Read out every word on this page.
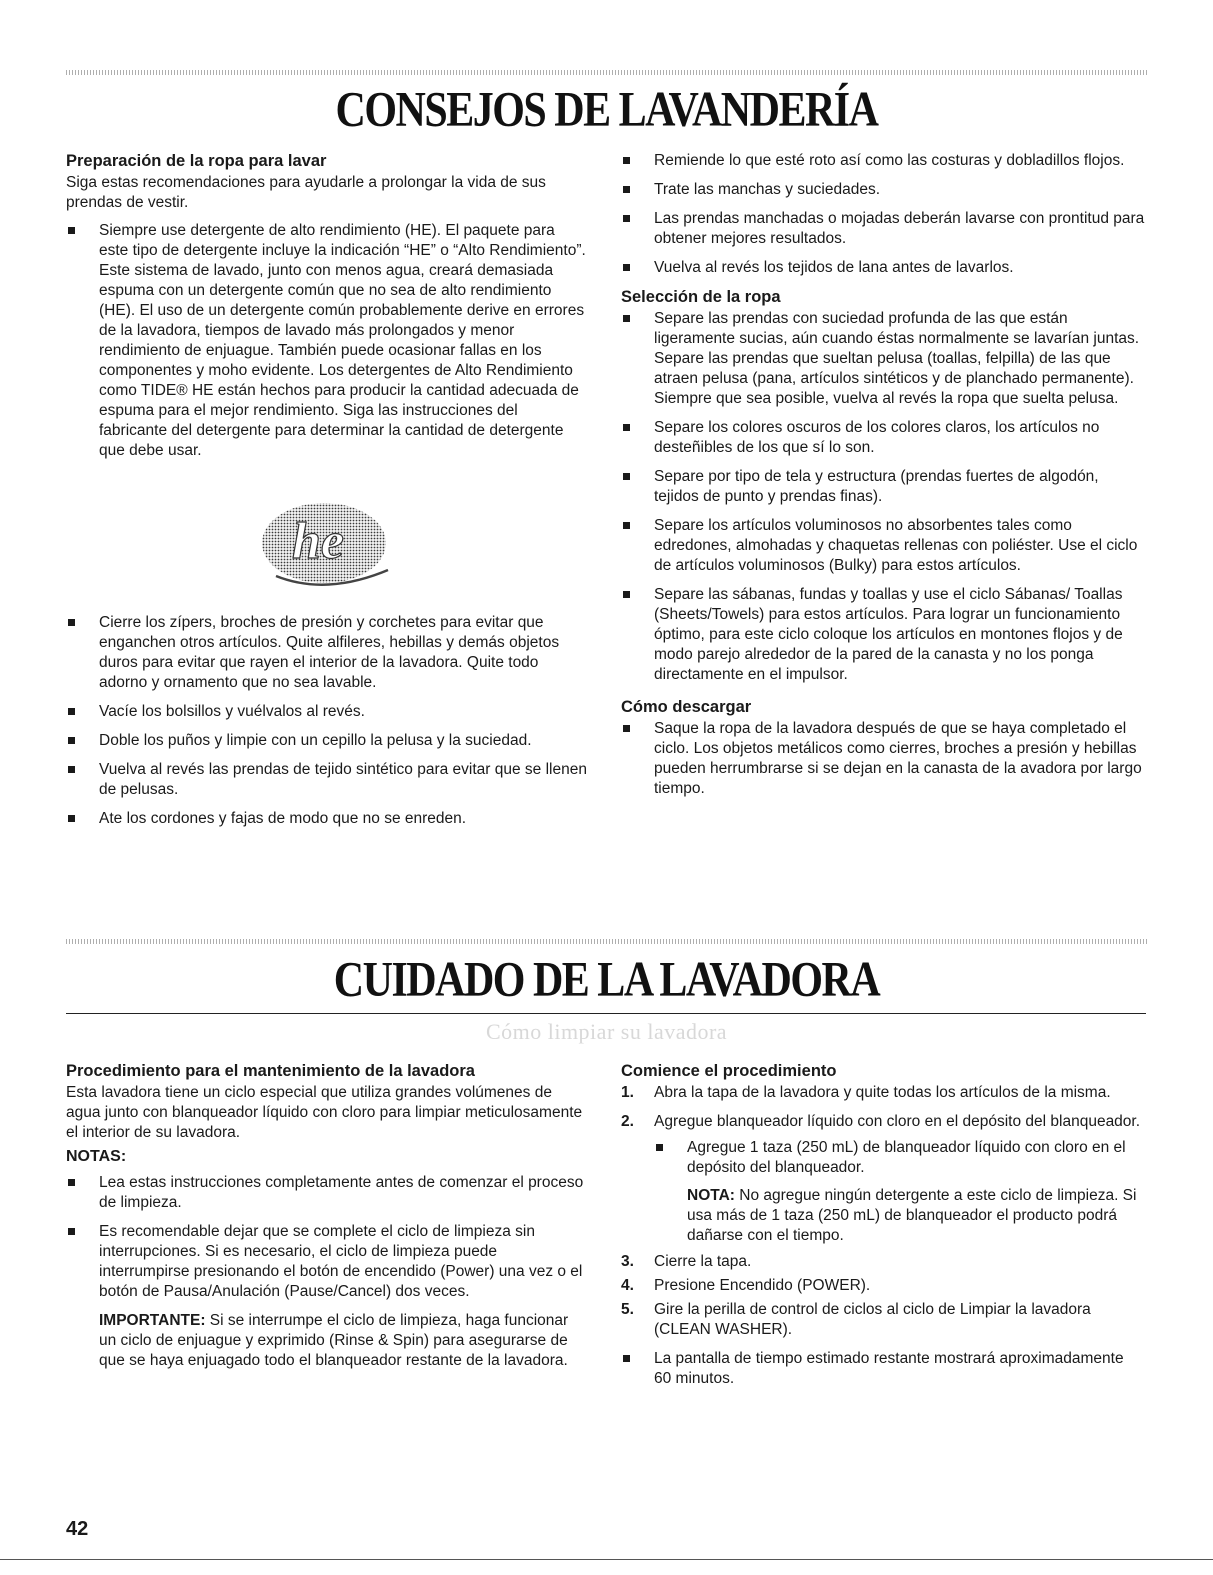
CONSEJOS DE LAVANDERÍA
Preparación de la ropa para lavar

Siga estas recomendaciones para ayudarle a prolongar la vida de sus prendas de vestir.

Siempre use detergente de alto rendimiento (HE). El paquete para este tipo de detergente incluye la indicación “HE” o “Alto Rendimiento”. Este sistema de lavado, junto con menos agua, creará demasiada espuma con un detergente común que no sea de alto rendimiento (HE). El uso de un detergente común probablemente derive en errores de la lavadora, tiempos de lavado más prolongados y menor rendimiento de enjuague. También puede ocasionar fallas en los componentes y moho evidente. Los detergentes de Alto Rendimiento como TIDE® HE están hechos para producir la cantidad adecuada de espuma para el mejor rendimiento. Siga las instrucciones del fabricante del detergente para determinar la cantidad de detergente que debe usar.
he
Cierre los zípers, broches de presión y corchetes para evitar que enganchen otros artículos. Quite alfileres, hebillas y demás objetos duros para evitar que rayen el interior de la lavadora. Quite todo adorno y ornamento que no sea lavable.
Vacíe los bolsillos y vuélvalos al revés.
Doble los puños y limpie con un cepillo la pelusa y la suciedad.
Vuelva al revés las prendas de tejido sintético para evitar que se llenen de pelusas.
Ate los cordones y fajas de modo que no se enreden.
Remiende lo que esté roto así como las costuras y dobladillos flojos.
Trate las manchas y suciedades.
Las prendas manchadas o mojadas deberán lavarse con prontitud para obtener mejores resultados.
Vuelva al revés los tejidos de lana antes de lavarlos.
Selección de la ropa
Separe las prendas con suciedad profunda de las que están ligeramente sucias, aún cuando éstas normalmente se lavarían juntas. Separe las prendas que sueltan pelusa (toallas, felpilla) de las que atraen pelusa (pana, artículos sintéticos y de planchado permanente). Siempre que sea posible, vuelva al revés la ropa que suelta pelusa.
Separe los colores oscuros de los colores claros, los artículos no desteñibles de los que sí lo son.
Separe por tipo de tela y estructura (prendas fuertes de algodón, tejidos de punto y prendas finas).
Separe los artículos voluminosos no absorbentes tales como edredones, almohadas y chaquetas rellenas con poliéster. Use el ciclo de artículos voluminosos (Bulky) para estos artículos.
Separe las sábanas, fundas y toallas y use el ciclo Sábanas/ Toallas (Sheets/Towels) para estos artículos. Para lograr un funcionamiento óptimo, para este ciclo coloque los artículos en montones flojos y de modo parejo alrededor de la pared de la canasta y no los ponga directamente en el impulsor.
Cómo descargar
Saque la ropa de la lavadora después de que se haya completado el ciclo. Los objetos metálicos como cierres, broches a presión y hebillas pueden herrumbrarse si se dejan en la canasta de la avadora por largo tiempo.
CUIDADO DE LA LAVADORA
Cómo limpiar su lavadora
Procedimiento para el mantenimiento de la lavadora

Esta lavadora tiene un ciclo especial que utiliza grandes volúmenes de agua junto con blanqueador líquido con cloro para limpiar meticulosamente el interior de su lavadora.

NOTAS:
Lea estas instrucciones completamente antes de comenzar el proceso de limpieza.
Es recomendable dejar que se complete el ciclo de limpieza sin interrupciones. Si es necesario, el ciclo de limpieza puede interrumpirse presionando el botón de encendido (Power) una vez o el botón de Pausa/Anulación (Pause/Cancel) dos veces.

IMPORTANTE: Si se interrumpe el ciclo de limpieza, haga funcionar un ciclo de enjuague y exprimido (Rinse & Spin) para asegurarse de que se haya enjuagado todo el blanqueador restante de la lavadora.

Comience el procedimiento
1. Abra la tapa de la lavadora y quite todas los artículos de la misma.
2. Agregue blanqueador líquido con cloro en el depósito del blanqueador.
Agregue 1 taza (250 mL) de blanqueador líquido con cloro en el depósito del blanqueador.

NOTA: No agregue ningún detergente a este ciclo de limpieza. Si usa más de 1 taza (250 mL) de blanqueador el producto podrá dañarse con el tiempo.

3. Cierre la tapa.
4. Presione Encendido (POWER).
5. Gire la perilla de control de ciclos al ciclo de Limpiar la lavadora (CLEAN WASHER).
La pantalla de tiempo estimado restante mostrará aproximadamente 60 minutos.
42
